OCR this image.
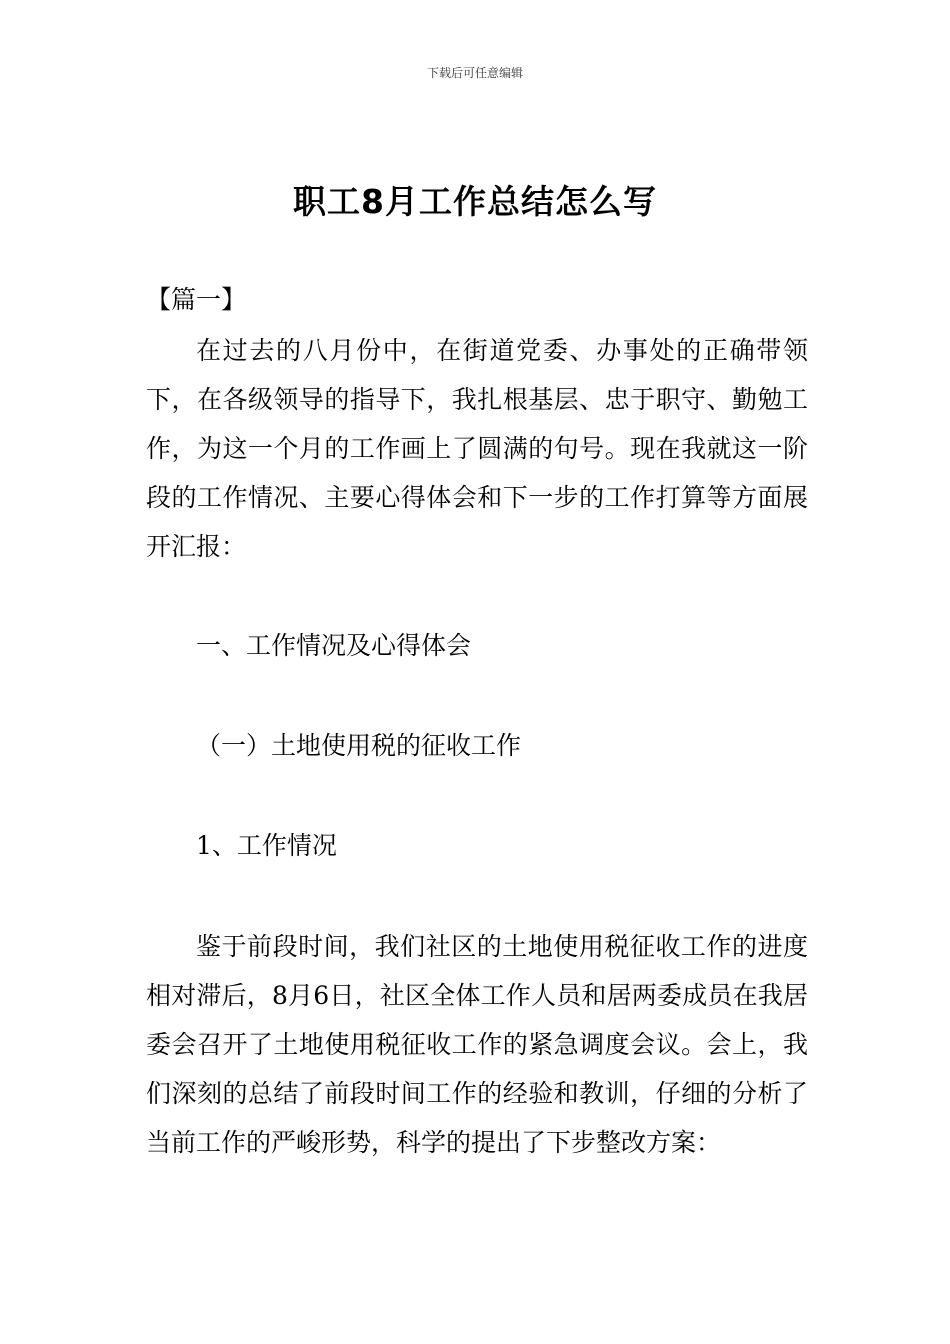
下载后可任意编辑
职工8月工作总结怎么写
【篇一】

在过去的八月份中，在街道党委、办事处的正确带领下，在各级领导的指导下，我扎根基层、忠于职守、勤勉工作，为这一个月的工作画上了圆满的句号。现在我就这一阶段的工作情况、主要心得体会和下一步的工作打算等方面展开汇报：

一、工作情况及心得体会
（一）土地使用税的征收工作
1、工作情况

鉴于前段时间，我们社区的土地使用税征收工作的进度相对滞后，8月6日，社区全体工作人员和居两委成员在我居委会召开了土地使用税征收工作的紧急调度会议。会上，我们深刻的总结了前段时间工作的经验和教训，仔细的分析了当前工作的严峻形势，科学的提出了下步整改方案：
